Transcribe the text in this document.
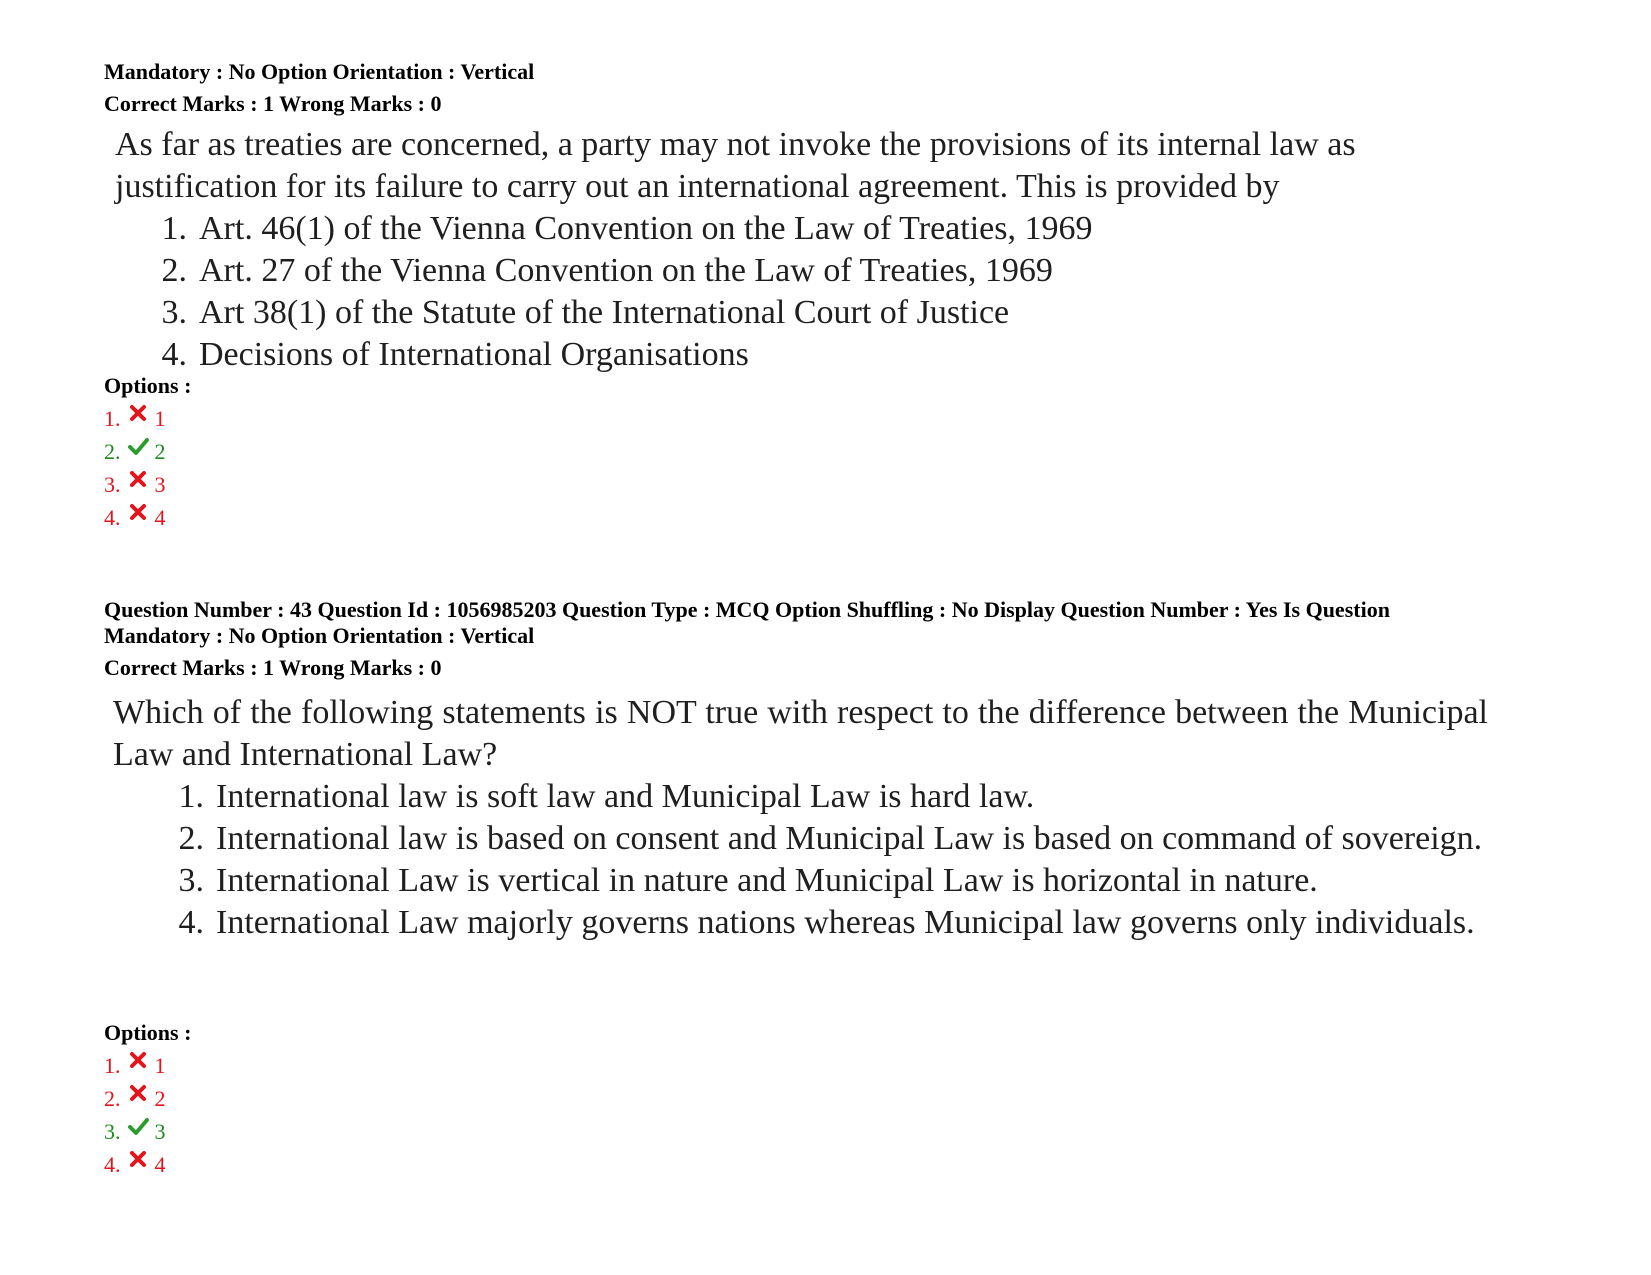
Mandatory : No Option Orientation : Vertical
Correct Marks : 1 Wrong Marks : 0

As far as treaties are concerned, a party may not invoke the provisions of its internal law as

justification for its failure to carry out an international agreement. This is provided by

1. Art. 46(1) of the Vienna Convention on the Law of Treaties, 1969
2. Art. 27 of the Vienna Convention on the Law of Treaties, 1969
3. Art 38(1) of the Statute of the International Court of Justice
4. Decisions of International Organisations
Options :
1. 1
2. 2
3. 3
4. 4
Question Number : 43 Question Id : 1056985203 Question Type : MCQ Option Shuffling : No Display Question Number : Yes Is Question
Mandatory : No Option Orientation : Vertical
Correct Marks : 1 Wrong Marks : 0
Which of the following statements is NOT true with respect to the difference between the Municipal Law and International Law?
1. International law is soft law and Municipal Law is hard law.
2. International law is based on consent and Municipal Law is based on command of sovereign.
3. International Law is vertical in nature and Municipal Law is horizontal in nature.
4. International Law majorly governs nations whereas Municipal law governs only individuals.
Options :
1. 1
2. 2
3. 3
4. 4
